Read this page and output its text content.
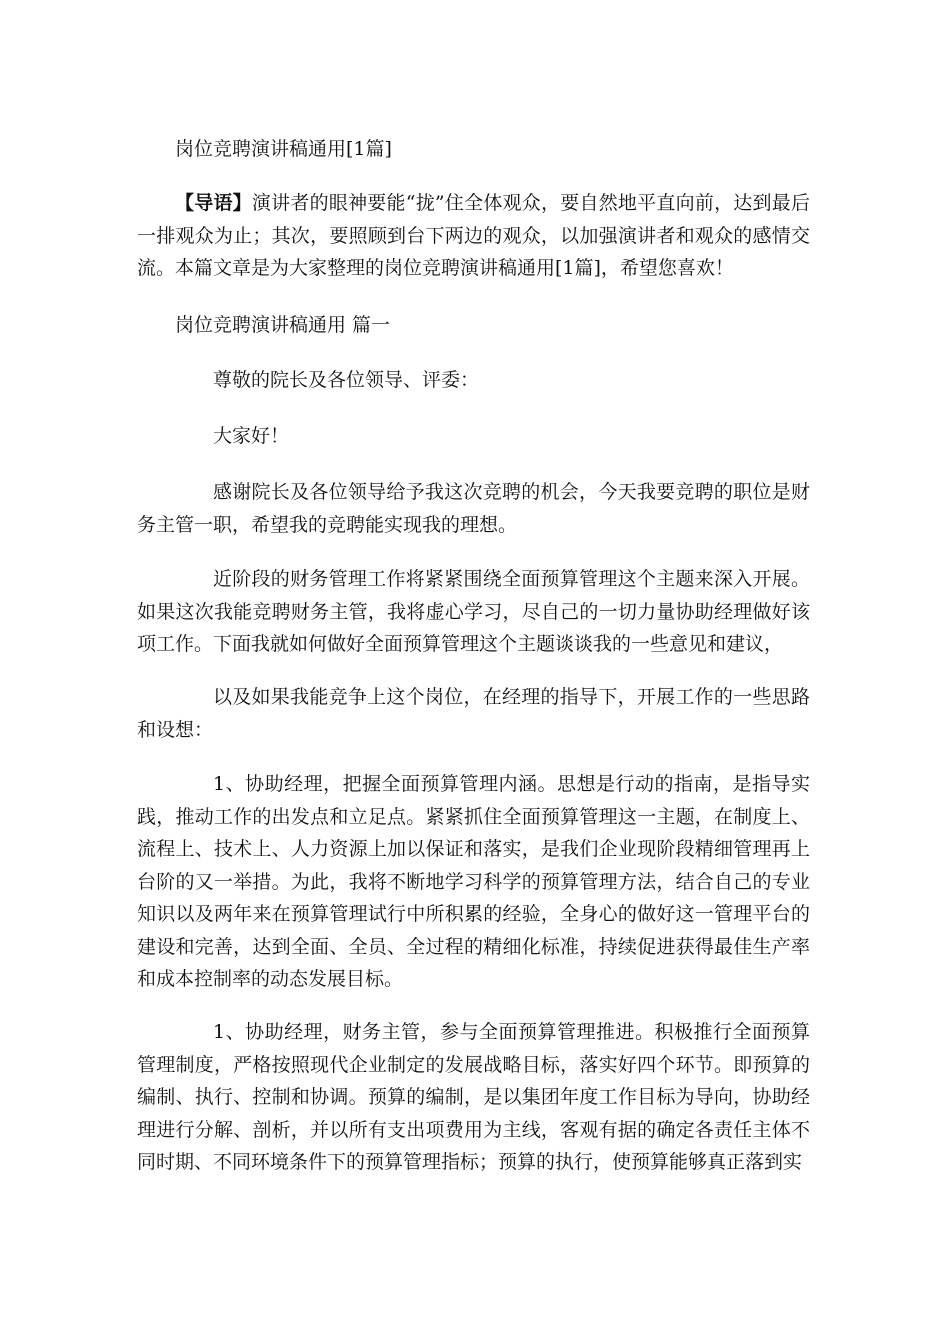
岗位竞聘演讲稿通用[1篇]

【导语】演讲者的眼神要能“拢”住全体观众，要自然地平直向前，达到最后一排观众为止；其次，要照顾到台下两边的观众，以加强演讲者和观众的感情交流。本篇文章是为大家整理的岗位竞聘演讲稿通用[1篇]，希望您喜欢！

岗位竞聘演讲稿通用 篇一

尊敬的院长及各位领导、评委：

大家好！

感谢院长及各位领导给予我这次竞聘的机会，今天我要竞聘的职位是财务主管一职，希望我的竞聘能实现我的理想。

近阶段的财务管理工作将紧紧围绕全面预算管理这个主题来深入开展。如果这次我能竞聘财务主管，我将虚心学习，尽自己的一切力量协助经理做好该项工作。下面我就如何做好全面预算管理这个主题谈谈我的一些意见和建议，

以及如果我能竞争上这个岗位，在经理的指导下，开展工作的一些思路和设想：

1、协助经理，把握全面预算管理内涵。思想是行动的指南，是指导实践，推动工作的出发点和立足点。紧紧抓住全面预算管理这一主题，在制度上、流程上、技术上、人力资源上加以保证和落实，是我们企业现阶段精细管理再上台阶的又一举措。为此，我将不断地学习科学的预算管理方法，结合自己的专业知识以及两年来在预算管理试行中所积累的经验，全身心的做好这一管理平台的建设和完善，达到全面、全员、全过程的精细化标准，持续促进获得最佳生产率和成本控制率的动态发展目标。

1、协助经理，财务主管，参与全面预算管理推进。积极推行全面预算管理制度，严格按照现代企业制定的发展战略目标，落实好四个环节。即预算的编制、执行、控制和协调。预算的编制，是以集团年度工作目标为导向，协助经理进行分解、剖析，并以所有支出项费用为主线，客观有据的确定各责任主体不同时期、不同环境条件下的预算管理指标；预算的执行，使预算能够真正落到实
